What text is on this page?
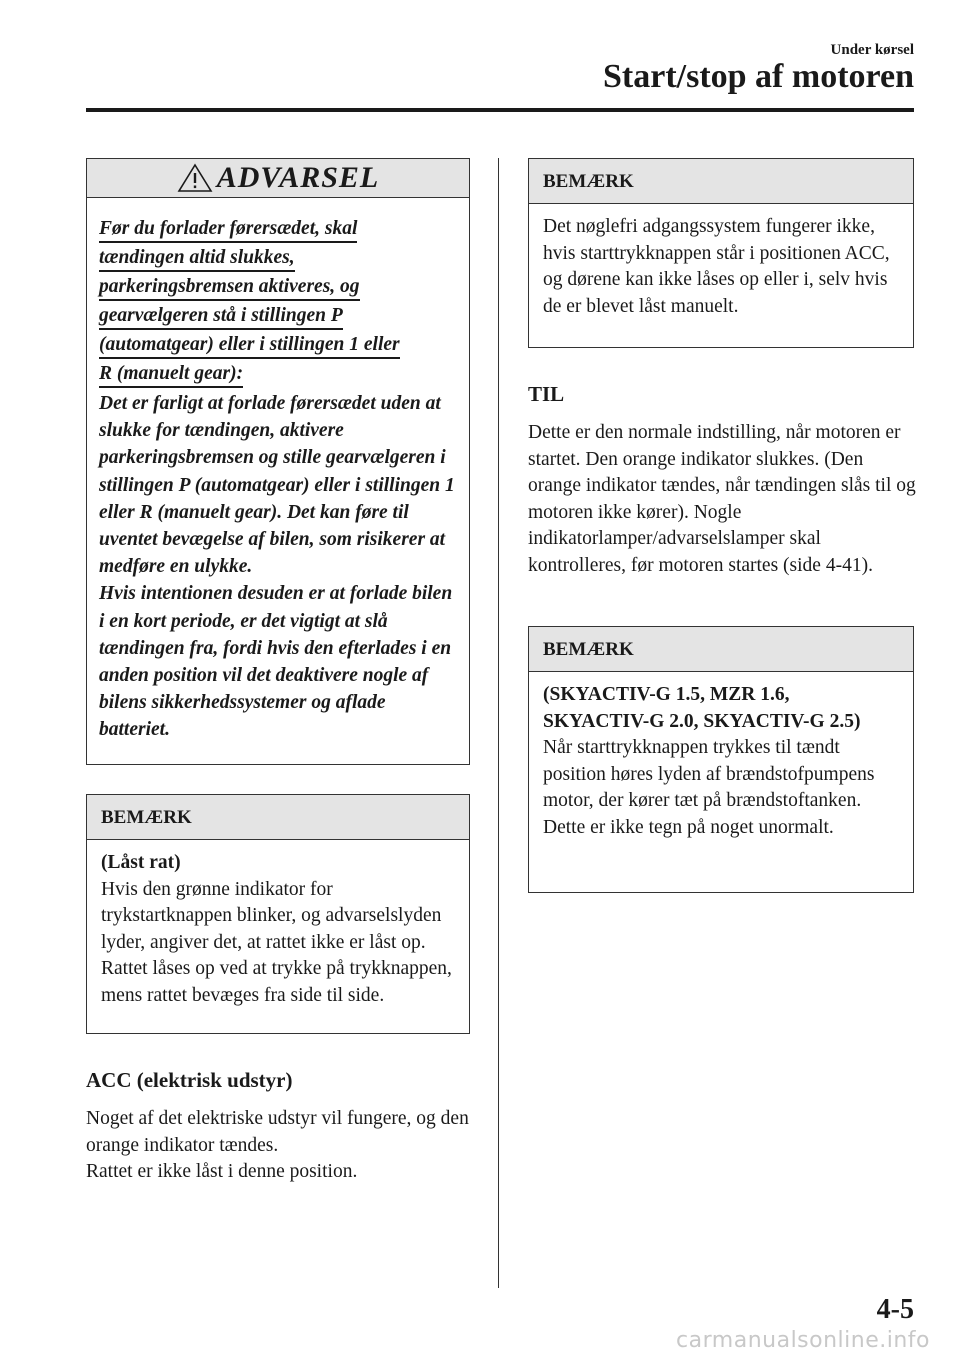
Under kørsel
Start/stop af motoren
ADVARSEL
Før du forlader førersædet, skal
tændingen altid slukkes,
parkeringsbremsen aktiveres, og
gearvælgeren stå i stillingen P
(automatgear) eller i stillingen 1 eller
R (manuelt gear):

Det er farligt at forlade førersædet uden at slukke for tændingen, aktivere parkeringsbremsen og stille gearvælgeren i stillingen P (automatgear) eller i stillingen 1 eller R (manuelt gear). Det kan føre til uventet bevægelse af bilen, som risikerer at medføre en ulykke.

Hvis intentionen desuden er at forlade bilen i en kort periode, er det vigtigt at slå tændingen fra, fordi hvis den efterlades i en anden position vil det deaktivere nogle af bilens sikkerhedssystemer og aflade batteriet.

BEMÆRK

(Låst rat)

Hvis den grønne indikator for trykstartknappen blinker, og advarselslyden lyder, angiver det, at rattet ikke er låst op. Rattet låses op ved at trykke på trykknappen, mens rattet bevæges fra side til side.

ACC (elektrisk udstyr)

Noget af det elektriske udstyr vil fungere, og den orange indikator tændes.
Rattet er ikke låst i denne position.

BEMÆRK

Det nøglefri adgangssystem fungerer ikke, hvis starttrykknappen står i positionen ACC, og dørene kan ikke låses op eller i, selv hvis de er blevet låst manuelt.

TIL

Dette er den normale indstilling, når motoren er startet. Den orange indikator slukkes. (Den orange indikator tændes, når tændingen slås til og motoren ikke kører). Nogle indikatorlamper/advarselslamper skal kontrolleres, før motoren startes (side 4-41).

BEMÆRK

(SKYACTIV-G 1.5, MZR 1.6, SKYACTIV-G 2.0, SKYACTIV-G 2.5)

Når starttrykknappen trykkes til tændt position høres lyden af brændstofpumpens motor, der kører tæt på brændstoftanken. Dette er ikke tegn på noget unormalt.

4-5
carmanualsonline.info
